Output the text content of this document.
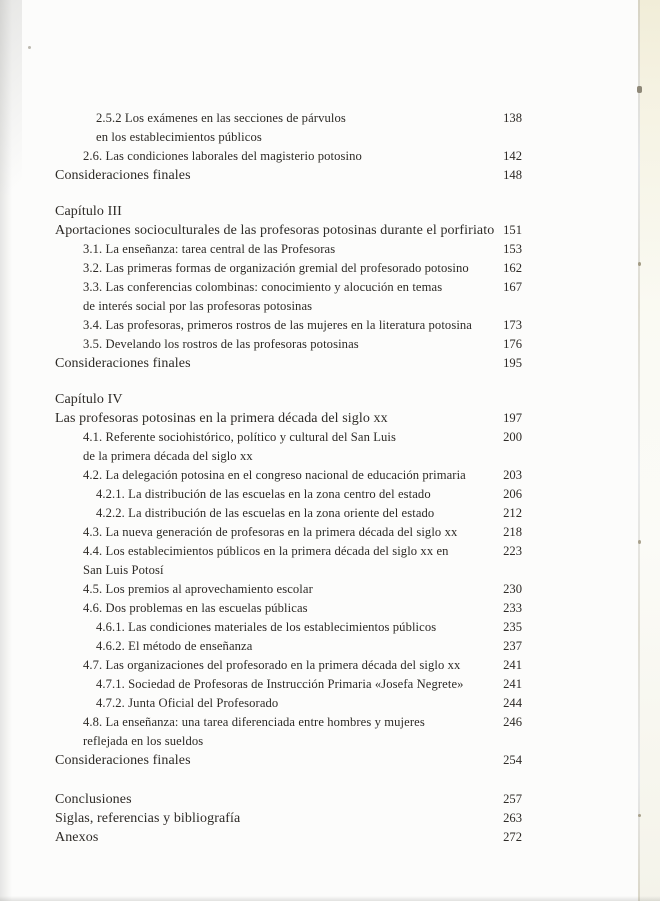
2.5.2 Los exámenes en las secciones de párvulos	138
en los establecimientos públicos
2.6. Las condiciones laborales del magisterio potosino	142
Consideraciones finales	148
Capítulo III
Aportaciones socioculturales de las profesoras potosinas durante el porfiriato 151
3.1. La enseñanza: tarea central de las Profesoras	153
3.2. Las primeras formas de organización gremial del profesorado potosino	162
3.3. Las conferencias colombinas: conocimiento y alocución en temas	167
de interés social por las profesoras potosinas
3.4. Las profesoras, primeros rostros de las mujeres en la literatura potosina 173
3.5. Develando los rostros de las profesoras potosinas	176
Consideraciones finales	195
Capítulo IV
Las profesoras potosinas en la primera década del siglo xx	197
4.1. Referente sociohistórico, político y cultural del San Luis	200
de la primera década del siglo xx
4.2. La delegación potosina en el congreso nacional de educación primaria	203
4.2.1. La distribución de las escuelas en la zona centro del estado	206
4.2.2. La distribución de las escuelas en la zona oriente del estado	212
4.3. La nueva generación de profesoras en la primera década del siglo xx	218
4.4. Los establecimientos públicos en la primera década del siglo xx en	223
San Luis Potosí
4.5. Los premios al aprovechamiento escolar	230
4.6. Dos problemas en las escuelas públicas	233
4.6.1. Las condiciones materiales de los establecimientos públicos	235
4.6.2. El método de enseñanza	237
4.7. Las organizaciones del profesorado en la primera década del siglo xx	241
4.7.1. Sociedad de Profesoras de Instrucción Primaria «Josefa Negrete»	241
4.7.2. Junta Oficial del Profesorado	244
4.8. La enseñanza: una tarea diferenciada entre hombres y mujeres	246
reflejada en los sueldos
Consideraciones finales	254
Conclusiones	257
Siglas, referencias y bibliografía	263
Anexos	272
